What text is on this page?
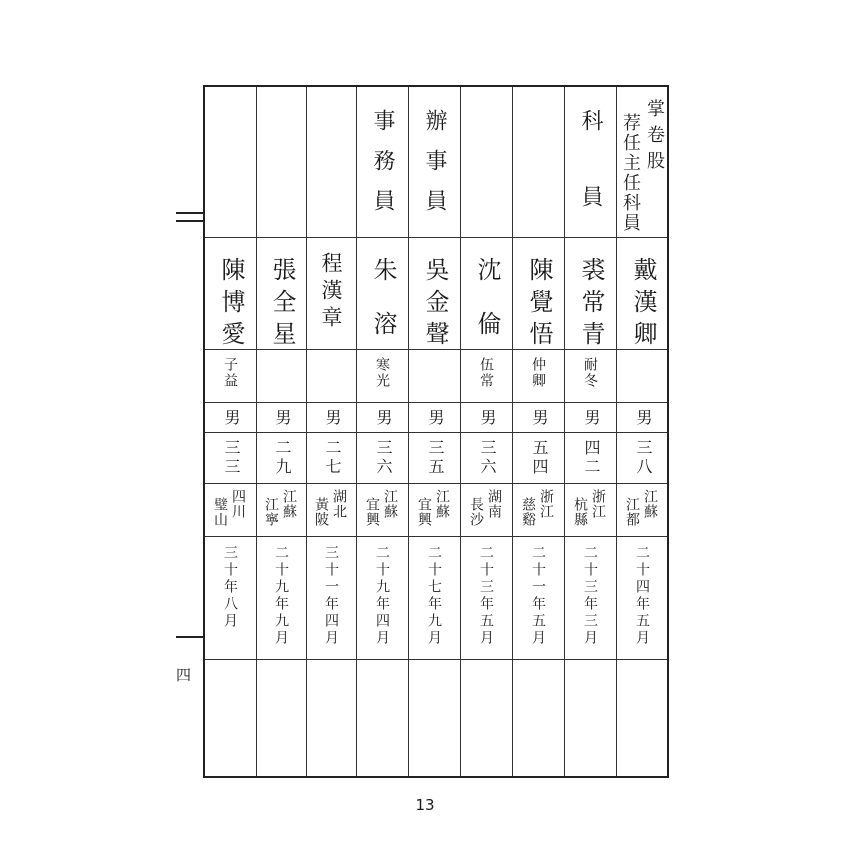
四
掌卷股
荐任主任科員
戴漢卿
男
三八
江蘇
江都
二十四年五月
科員
裘常青
耐冬
男
四二
浙江
杭縣
二十三年三月
陳覺悟
仲卿
男
五四
浙江
慈谿
二十一年五月
沈倫
伍常
男
三六
湖南
長沙
二十三年五月
辦事員
吳金聲
男
三五
江蘇
宜興
二十七年九月
事務員
朱溶
寒光
男
三六
江蘇
宜興
二十九年四月
程漢章
男
二七
湖北
黃陂
三十一年四月
張全星
男
二九
江蘇
江寧
二十九年九月
陳博愛
子益
男
三三
四川
璧山
三十年八月
13
